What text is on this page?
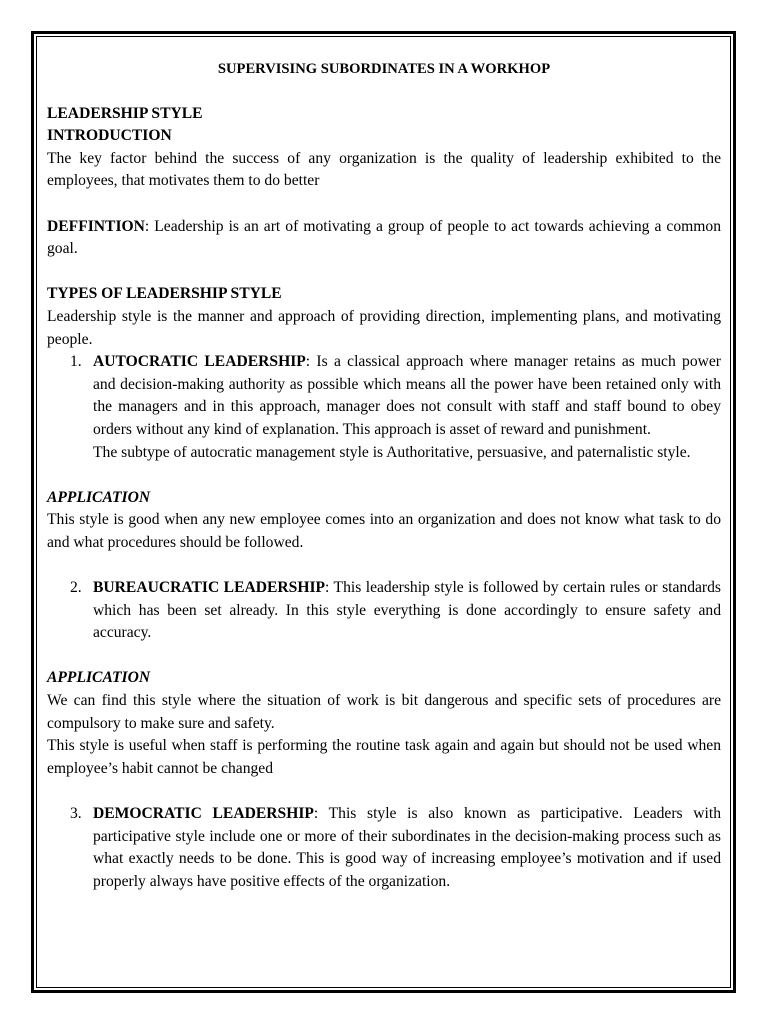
SUPERVISING SUBORDINATES IN A WORKHOP

LEADERSHIP STYLE

INTRODUCTION

The key factor behind the success of any organization is the quality of leadership exhibited to the employees, that motivates them to do better

DEFFINTION: Leadership is an art of motivating a group of people to act towards achieving a common goal.

TYPES OF LEADERSHIP STYLE

Leadership style is the manner and approach of providing direction, implementing plans, and motivating people.

1. AUTOCRATIC LEADERSHIP: Is a classical approach where manager retains as much power and decision-making authority as possible which means all the power have been retained only with the managers and in this approach, manager does not consult with staff and staff bound to obey orders without any kind of explanation. This approach is asset of reward and punishment.

The subtype of autocratic management style is Authoritative, persuasive, and paternalistic style.

APPLICATION

This style is good when any new employee comes into an organization and does not know what task to do and what procedures should be followed.

2. BUREAUCRATIC LEADERSHIP: This leadership style is followed by certain rules or standards which has been set already. In this style everything is done accordingly to ensure safety and accuracy.

APPLICATION

We can find this style where the situation of work is bit dangerous and specific sets of procedures are compulsory to make sure and safety.

This style is useful when staff is performing the routine task again and again but should not be used when employee’s habit cannot be changed

3. DEMOCRATIC LEADERSHIP: This style is also known as participative. Leaders with participative style include one or more of their subordinates in the decision-making process such as what exactly needs to be done. This is good way of increasing employee’s motivation and if used properly always have positive effects of the organization.
